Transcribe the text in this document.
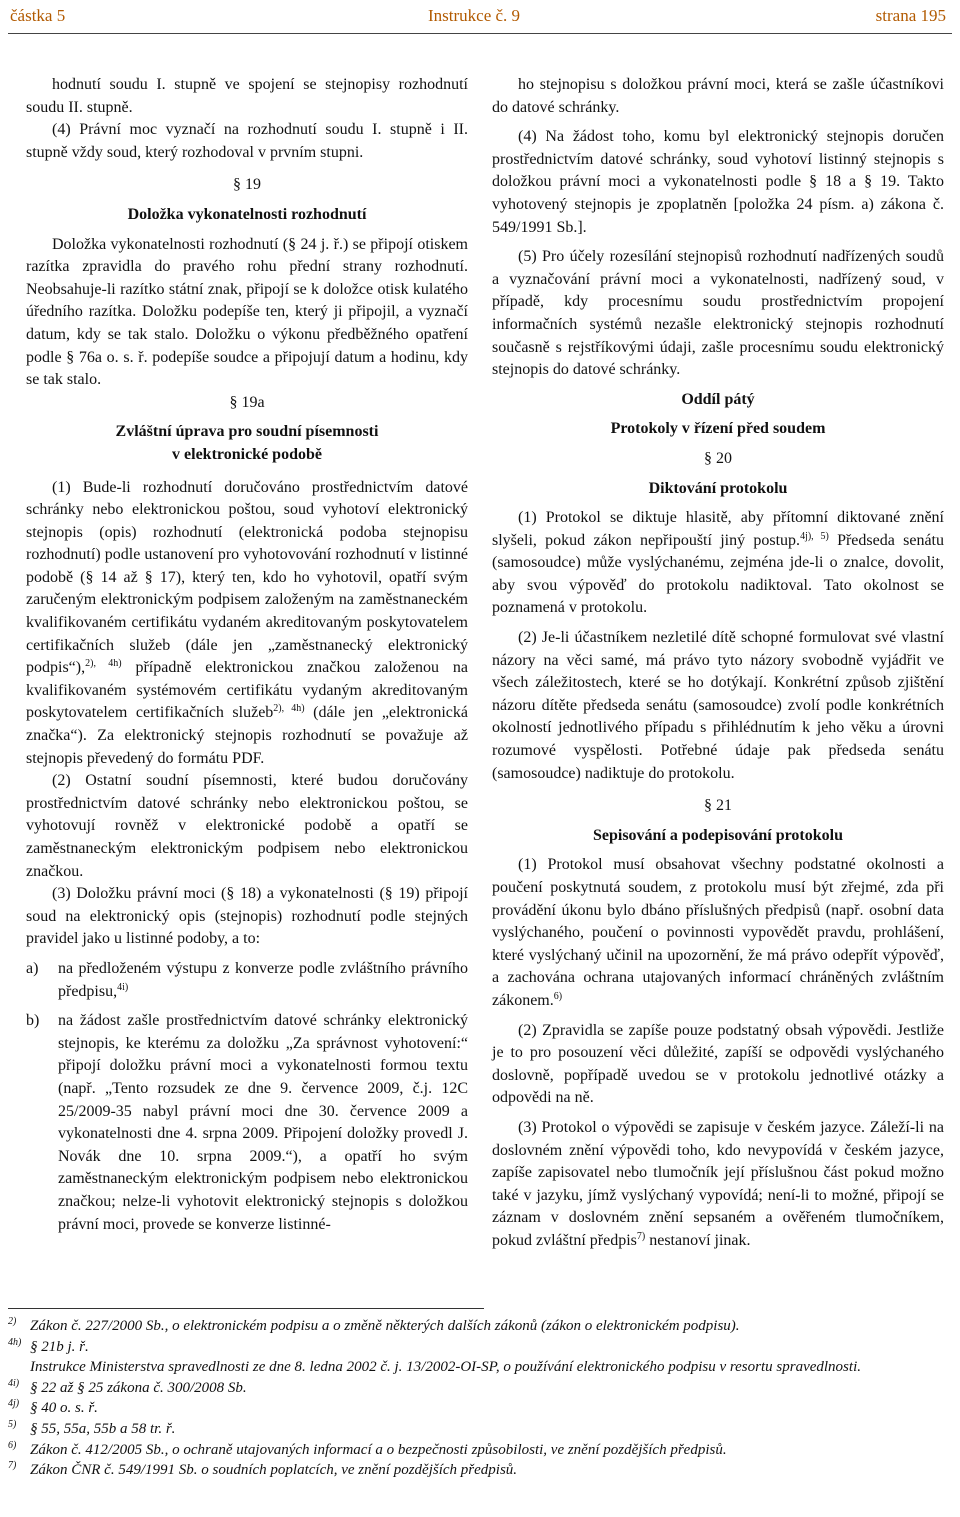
částka 5	Instrukce č. 9	strana 195

hodnutí soudu I. stupně ve spojení se stejnopisy rozhodnutí soudu II. stupně.

(4) Právní moc vyznačí na rozhodnutí soudu I. stupně i II. stupně vždy soud, který rozhodoval v prvním stupni.

§ 19

Doložka vykonatelnosti rozhodnutí

Doložka vykonatelnosti rozhodnutí (§ 24 j. ř.) se připojí otiskem razítka zpravidla do pravého rohu přední strany rozhodnutí. Neobsahuje-li razítko státní znak, připojí se k doložce otisk kulatého úředního razítka. Doložku podepíše ten, který ji připojil, a vyznačí datum, kdy se tak stalo. Doložku o výkonu předběžného opatření podle § 76a o. s. ř. podepíše soudce a připojují datum a hodinu, kdy se tak stalo.

§ 19a

Zvláštní úprava pro soudní písemnosti

v elektronické podobě

(1) Bude-li rozhodnutí doručováno prostřednictvím datové schránky nebo elektronickou poštou, soud vyhotoví elektronický stejnopis (opis) rozhodnutí (elektronická podoba stejnopisu rozhodnutí) podle ustanovení pro vyhotovování rozhodnutí v listinné podobě (§ 14 až § 17), který ten, kdo ho vyhotovil, opatří svým zaručeným elektronickým podpisem založeným na zaměstnaneckém kvalifikovaném certifikátu vydaném akreditovaným poskytovatelem certifikačních služeb (dále jen „zaměstnanecký elektronický podpis“),$^{2), 4h)}$ případně elektronickou značkou založenou na kvalifikovaném systémovém certifikátu vydaným akreditovaným poskytovatelem certifikačních služeb$^{2), 4h)}$ (dále jen „elektronická značka“). Za elektronický stejnopis rozhodnutí se považuje až stejnopis převedený do formátu PDF.

(2) Ostatní soudní písemnosti, které budou doručovány prostřednictvím datové schránky nebo elektronickou poštou, se vyhotovují rovněž v elektronické podobě a opatří se zaměstnaneckým elektronickým podpisem nebo elektronickou značkou.

(3) Doložku právní moci (§ 18) a vykonatelnosti (§ 19) připojí soud na elektronický opis (stejnopis) rozhodnutí podle stejných pravidel jako u listinné podoby, a to:

a) na předloženém výstupu z konverze podle zvláštního právního předpisu,$^{4i)}$

b) na žádost zašle prostřednictvím datové schránky elektronický stejnopis, ke kterému za doložku „Za správnost vyhotovení:“ připojí doložku právní moci a vykonatelnosti formou textu (např. „Tento rozsudek ze dne 9. července 2009, č.j. 12C 25/2009-35 nabyl právní moci dne 30. července 2009 a vykonatelnosti dne 4. srpna 2009. Připojení doložky provedl J. Novák dne 10. srpna 2009.“), a opatří ho svým zaměstnaneckým elektronickým podpisem nebo elektronickou značkou; nelze-li vyhotovit elektronický stejnopis s doložkou právní moci, provede se konverze listinné-

ho stejnopisu s doložkou právní moci, která se zašle účastníkovi do datové schránky.

(4) Na žádost toho, komu byl elektronický stejnopis doručen prostřednictvím datové schránky, soud vyhotoví listinný stejnopis s doložkou právní moci a vykonatelnosti podle § 18 a § 19. Takto vyhotovený stejnopis je zpoplatněn [položka 24 písm. a) zákona č. 549/1991 Sb.].

(5) Pro účely rozesílání stejnopisů rozhodnutí nadřízených soudů a vyznačování právní moci a vykonatelnosti, nadřízený soud, v případě, kdy procesnímu soudu prostřednictvím propojení informačních systémů nezašle elektronický stejnopis rozhodnutí současně s rejstříkovými údaji, zašle procesnímu soudu elektronický stejnopis do datové schránky.

Oddíl pátý

Protokoly v řízení před soudem

§ 20

Diktování protokolu

(1) Protokol se diktuje hlasitě, aby přítomní diktované znění slyšeli, pokud zákon nepřipouští jiný postup.$^{4j), 5)}$ Předseda senátu (samosoudce) může vyslýchanému, zejména jde-li o znalce, dovolit, aby svou výpověď do protokolu nadiktoval. Tato okolnost se poznamená v protokolu.

(2) Je-li účastníkem nezletilé dítě schopné formulovat své vlastní názory na věci samé, má právo tyto názory svobodně vyjádřit ve všech záležitostech, které se ho dotýkají. Konkrétní způsob zjištění názoru dítěte předseda senátu (samosoudce) zvolí podle konkrétních okolností jednotlivého případu s přihlédnutím k jeho věku a úrovni rozumové vyspělosti. Potřebné údaje pak předseda senátu (samosoudce) nadiktuje do protokolu.

§ 21

Sepisování a podepisování protokolu

(1) Protokol musí obsahovat všechny podstatné okolnosti a poučení poskytnutá soudem, z protokolu musí být zřejmé, zda při provádění úkonu bylo dbáno příslušných předpisů (např. osobní data vyslýchaného, poučení o povinnosti vypovědět pravdu, prohlášení, které vyslýchaný učinil na upozornění, že má právo odepřít výpověď, a zachována ochrana utajovaných informací chráněných zvláštním zákonem.$^{6)}$

(2) Zpravidla se zapíše pouze podstatný obsah výpovědi. Jestliže je to pro posouzení věci důležité, zapíší se odpovědi vyslýchaného doslovně, popřípadě uvedou se v protokolu jednotlivé otázky a odpovědi na ně.

(3) Protokol o výpovědi se zapisuje v českém jazyce. Záleží-li na doslovném znění výpovědi toho, kdo nevypovídá v českém jazyce, zapíše zapisovatel nebo tlumočník její příslušnou část pokud možno také v jazyku, jímž vyslýchaný vypovídá; není-li to možné, připojí se záznam v doslovném znění sepsaném a ověřeném tlumočníkem, pokud zvláštní předpis$^{7)}$ nestanoví jinak.

$^{2)}$ Zákon č. 227/2000 Sb., o elektronickém podpisu a o změně některých dalších zákonů (zákon o elektronickém podpisu).

$^{4h)}$ § 21b j. ř.

Instrukce Ministerstva spravedlnosti ze dne 8. ledna 2002 č. j. 13/2002-OI-SP, o používání elektronického podpisu v resortu spravedlnosti.

$^{4i)}$ § 22 až § 25 zákona č. 300/2008 Sb.

$^{4j)}$ § 40 o. s. ř.

$^{5)}$ § 55, 55a, 55b a 58 tr. ř.

$^{6)}$ Zákon č. 412/2005 Sb., o ochraně utajovaných informací a o bezpečnosti způsobilosti, ve znění pozdějších předpisů.

$^{7)}$ Zákon ČNR č. 549/1991 Sb. o soudních poplatcích, ve znění pozdějších předpisů.
